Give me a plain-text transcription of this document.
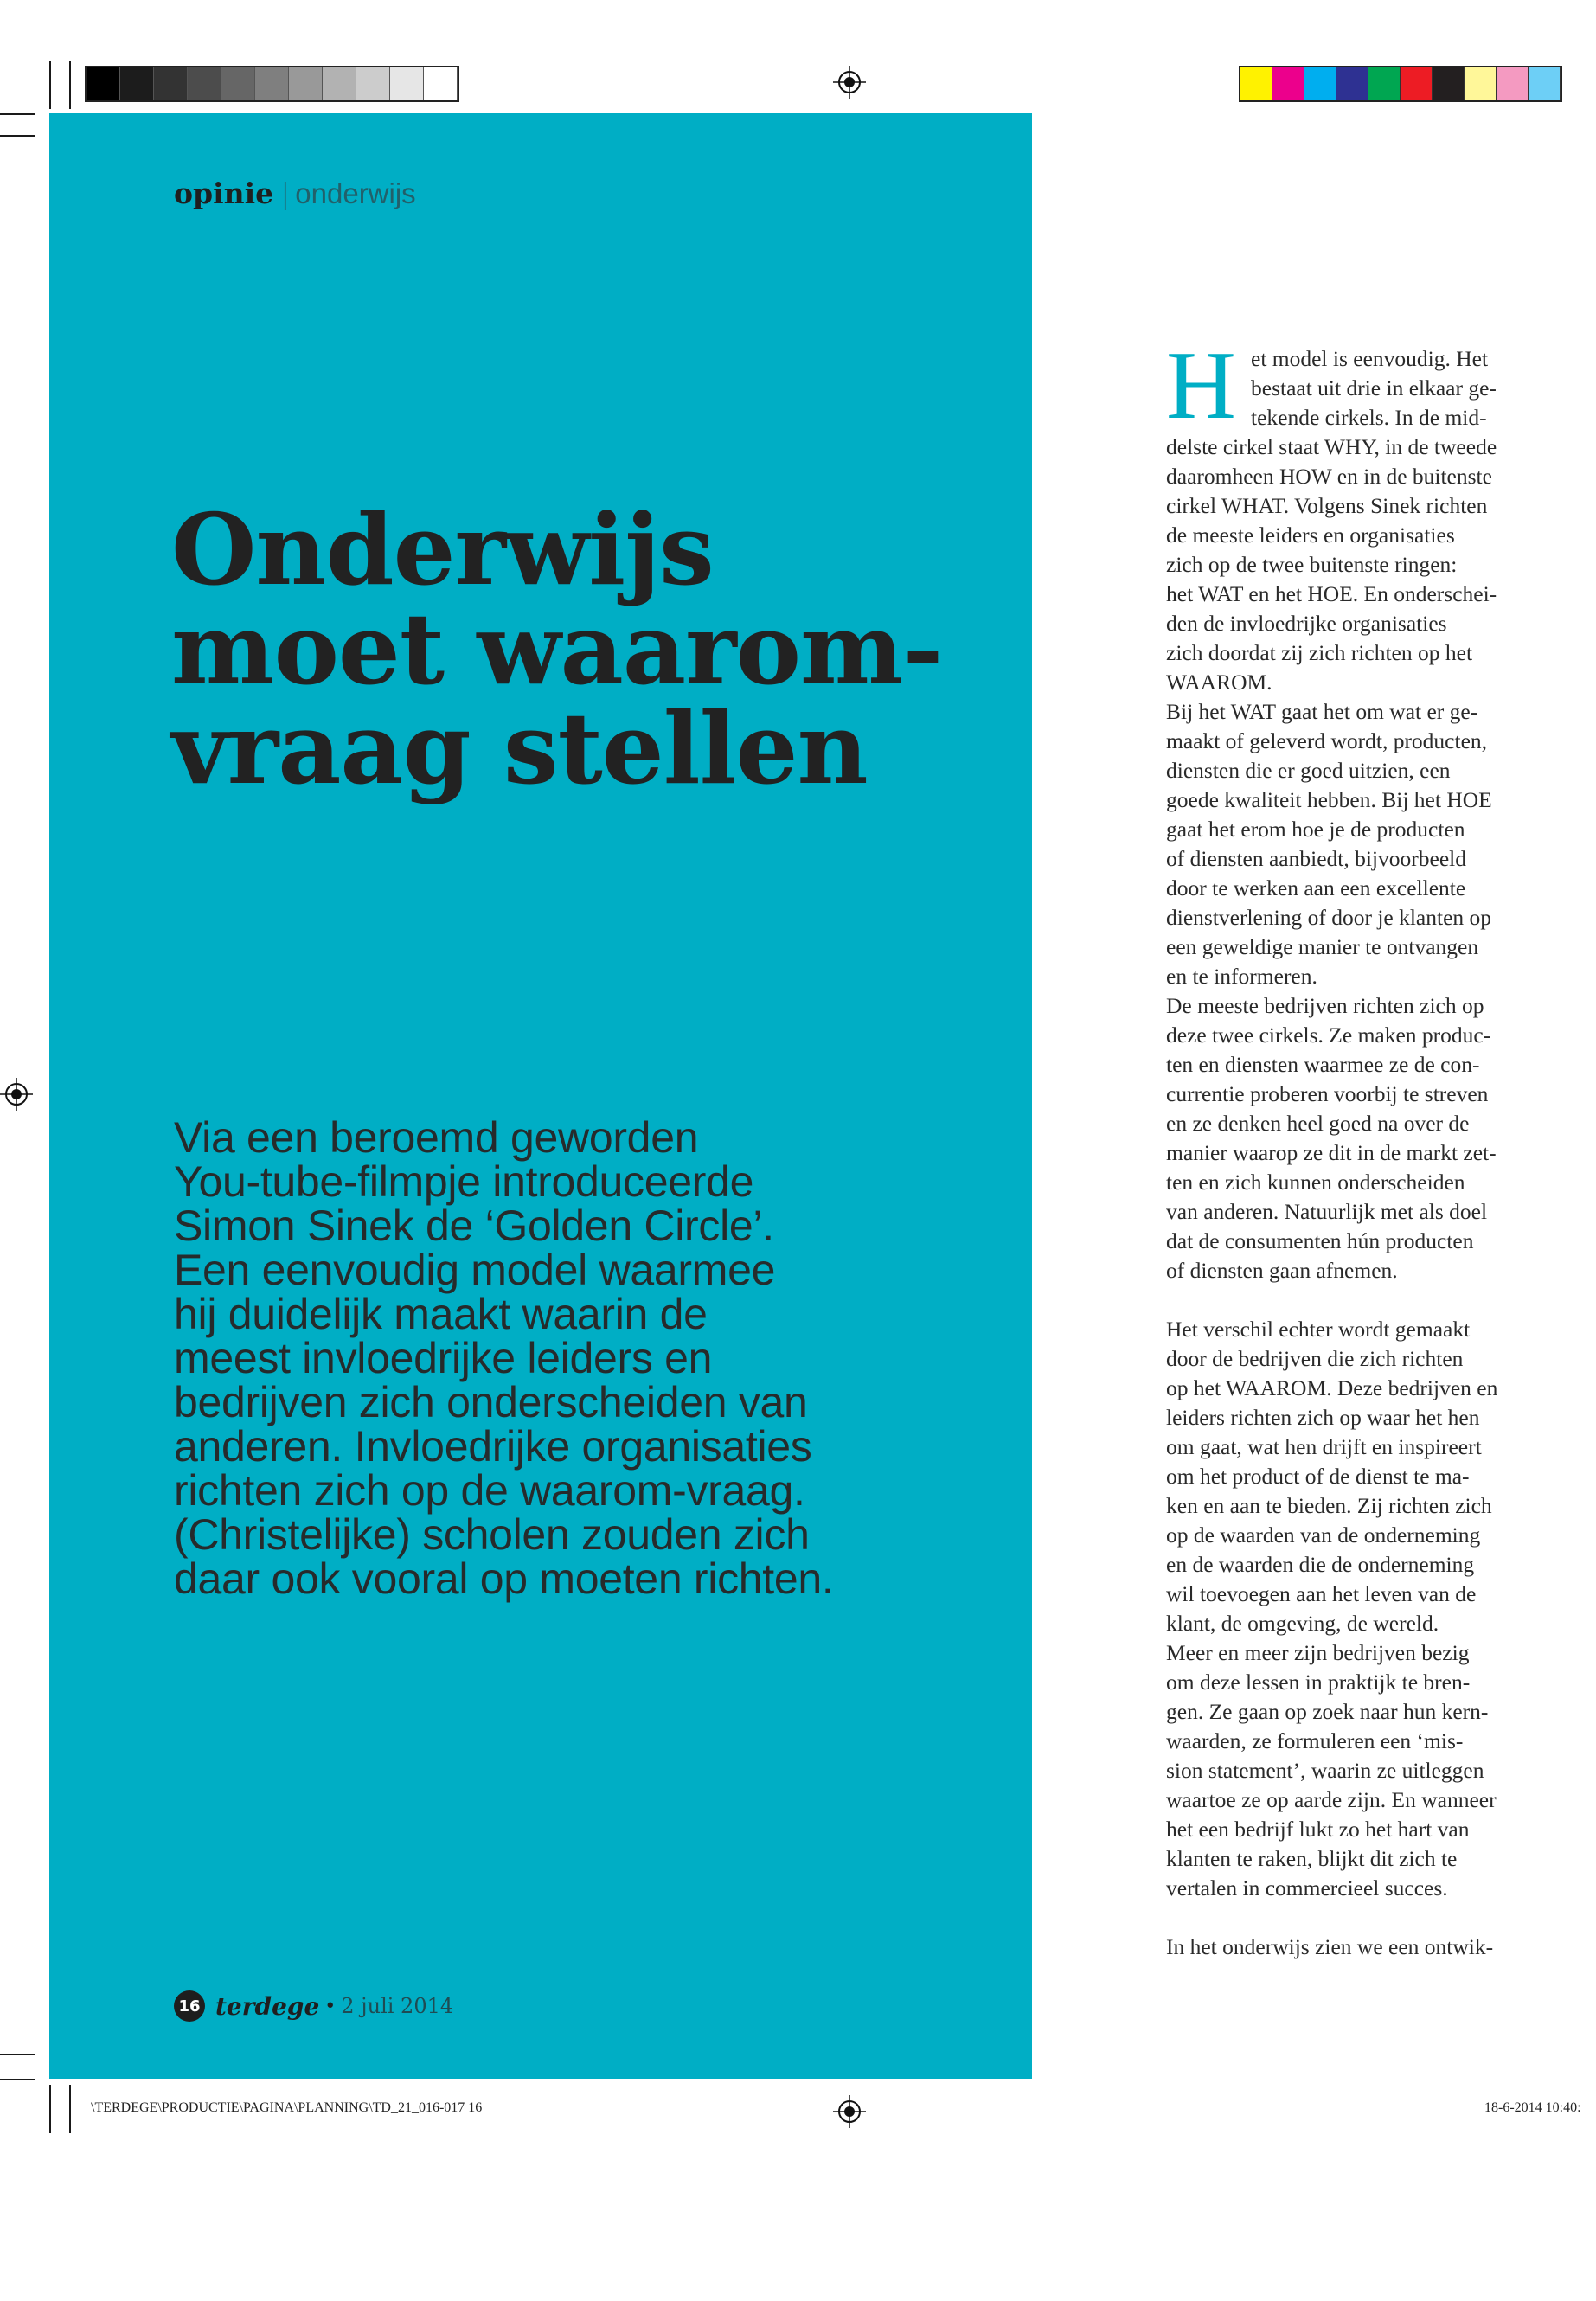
opinie | onderwijs
Onderwijs
moet waarom-
vraag stellen
Via een beroemd geworden
You-tube-filmpje introduceerde
Simon Sinek de ‘Golden Circle’.
Een eenvoudig model waarmee
hij duidelijk maakt waarin de
meest invloedrijke leiders en
bedrijven zich onderscheiden van
anderen. Invloedrijke organisaties
richten zich op de waarom-vraag.
(Christelijke) scholen zouden zich
daar ook vooral op moeten richten.
16 terdege • 2 juli 2014
H et model is eenvoudig. Het
bestaat uit drie in elkaar ge-
tekende cirkels. In de mid-
delste cirkel staat WHY, in de tweede
daaromheen HOW en in de buitenste
cirkel WHAT. Volgens Sinek richten
de meeste leiders en organisaties
zich op de twee buitenste ringen:
het WAT en het HOE. En onderschei-
den de invloedrijke organisaties
zich doordat zij zich richten op het
WAAROM.
Bij het WAT gaat het om wat er ge-
maakt of geleverd wordt, producten,
diensten die er goed uitzien, een
goede kwaliteit hebben. Bij het HOE
gaat het erom hoe je de producten
of diensten aanbiedt, bijvoorbeeld
door te werken aan een excellente
dienstverlening of door je klanten op
een geweldige manier te ontvangen
en te informeren.
De meeste bedrijven richten zich op
deze twee cirkels. Ze maken produc-
ten en diensten waarmee ze de con-
currentie proberen voorbij te streven
en ze denken heel goed na over de
manier waarop ze dit in de markt zet-
ten en zich kunnen onderscheiden
van anderen. Natuurlijk met als doel
dat de consumenten hún producten
of diensten gaan afnemen.
Het verschil echter wordt gemaakt
door de bedrijven die zich richten
op het WAAROM. Deze bedrijven en
leiders richten zich op waar het hen
om gaat, wat hen drijft en inspireert
om het product of de dienst te ma-
ken en aan te bieden. Zij richten zich
op de waarden van de onderneming
en de waarden die de onderneming
wil toevoegen aan het leven van de
klant, de omgeving, de wereld.
Meer en meer zijn bedrijven bezig
om deze lessen in praktijk te bren-
gen. Ze gaan op zoek naar hun kern-
waarden, ze formuleren een ‘mis-
sion statement’, waarin ze uitleggen
waartoe ze op aarde zijn. En wanneer
het een bedrijf lukt zo het hart van
klanten te raken, blijkt dit zich te
vertalen in commercieel succes.
In het onderwijs zien we een ontwik-
\TERDEGE\PRODUCTIE\PAGINA\PLANNING\TD_21_016-017 16	18-6-2014 10:40:
